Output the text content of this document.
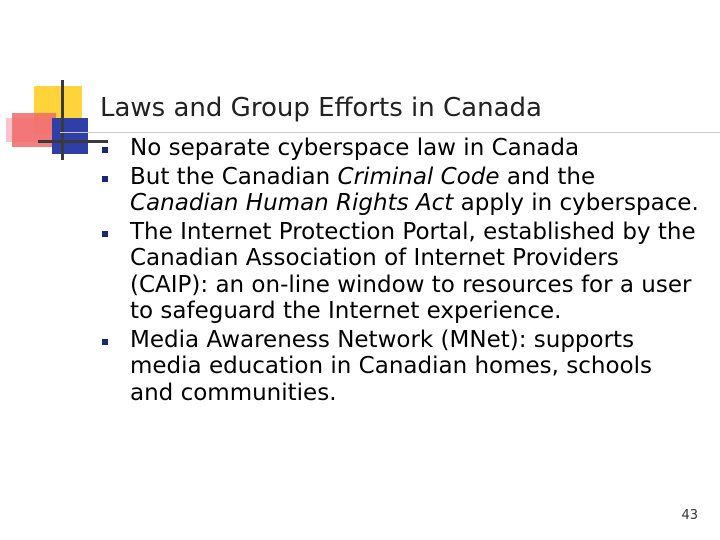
Laws and Group Efforts in Canada
No separate cyberspace law in Canada
But the Canadian Criminal Code and the Canadian Human Rights Act apply in cyberspace.
The Internet Protection Portal, established by the Canadian Association of Internet Providers (CAIP): an on-line window to resources for a user to safeguard the Internet experience.
Media Awareness Network (MNet): supports media education in Canadian homes, schools and communities.
43
